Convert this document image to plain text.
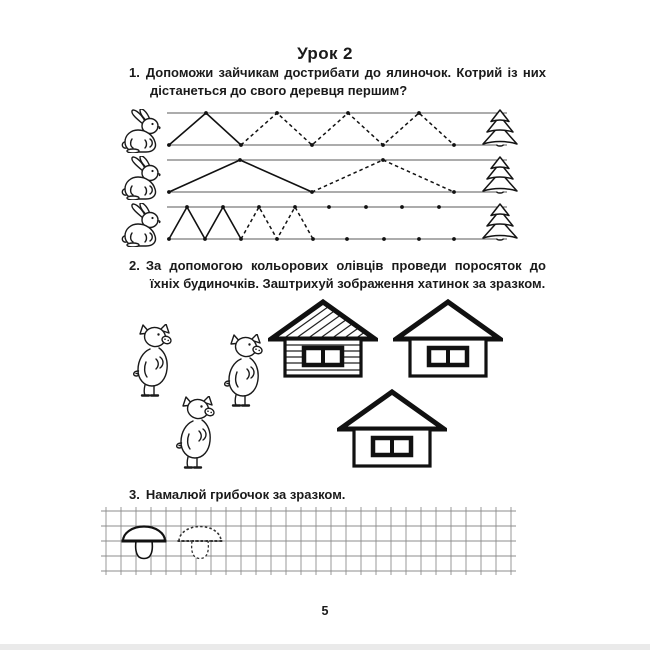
Урок 2

1. Допоможи зайчикам дострибати до ялиночок. Котрий із них дістанеться до свого деревця першим?

2. За допомогою кольорових олівців проведи поросяток до їхніх будиночків. Заштрихуй зображення хатинок за зразком.

3. Намалюй грибочок за зразком.

5
